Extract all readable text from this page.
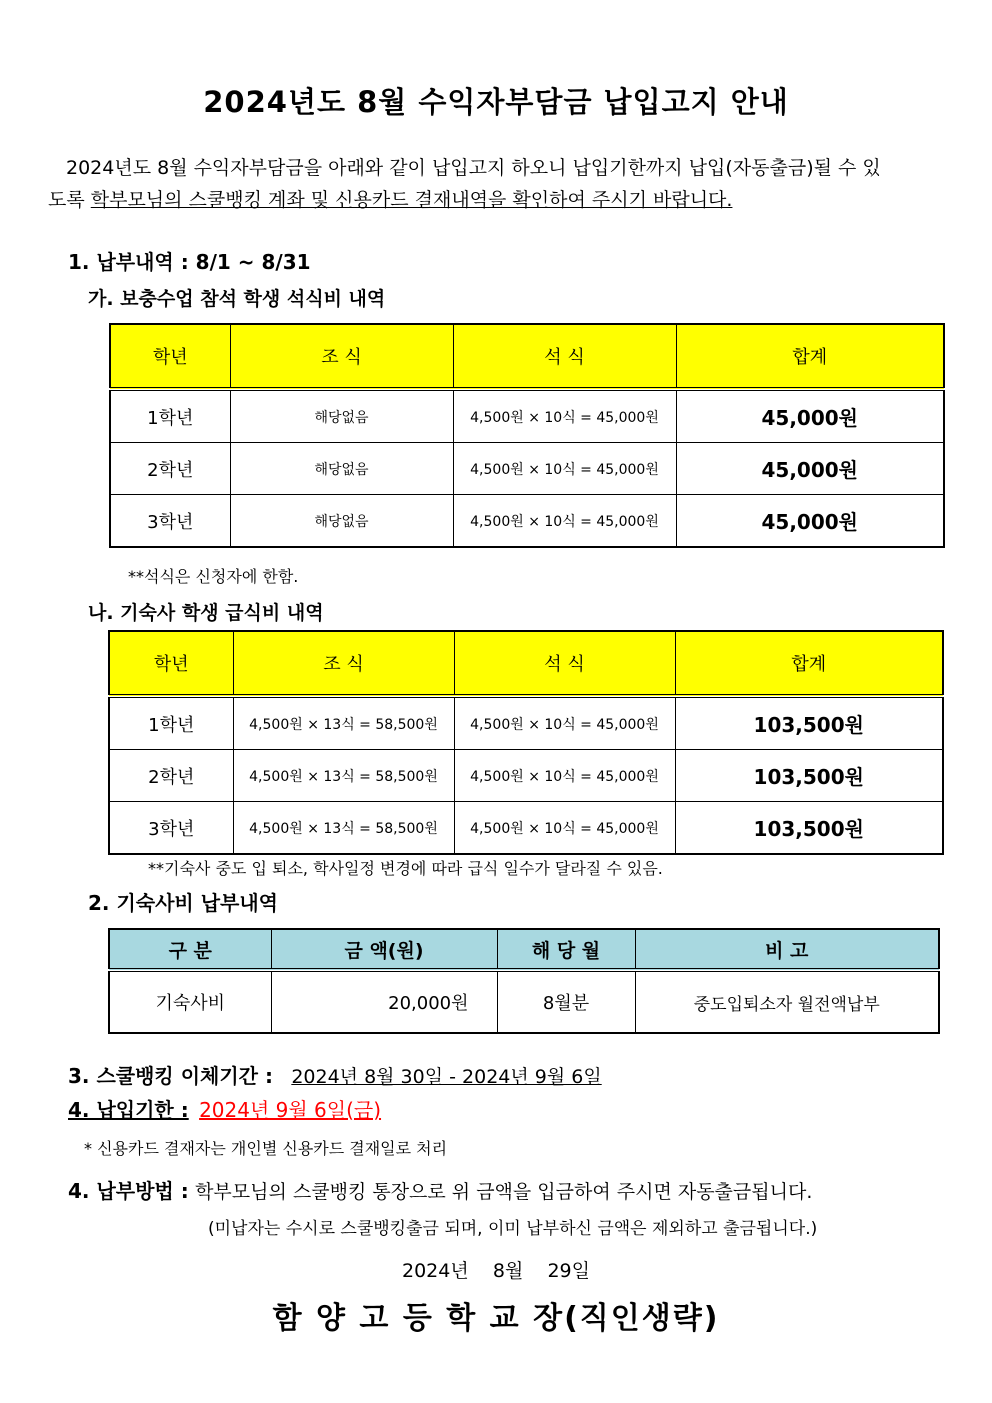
2024년도 8월 수익자부담금 납입고지 안내
2024년도 8월 수익자부담금을 아래와 같이 납입고지 하오니 납입기한까지 납입(자동출금)될 수 있
도록 학부모님의 스쿨뱅킹 계좌 및 신용카드 결재내역을 확인하여 주시기 바랍니다.
1. 납부내역 : 8/1 ~ 8/31
가. 보충수업 참석 학생 석식비 내역
학년	조 식	석 식	합계
1학년	해당없음	4,500원 × 10식 = 45,000원	45,000원
2학년	해당없음	4,500원 × 10식 = 45,000원	45,000원
3학년	해당없음	4,500원 × 10식 = 45,000원	45,000원
**석식은 신청자에 한함.
나. 기숙사 학생 급식비 내역
학년	조 식	석 식	합계
1학년	4,500원 × 13식 = 58,500원	4,500원 × 10식 = 45,000원	103,500원
2학년	4,500원 × 13식 = 58,500원	4,500원 × 10식 = 45,000원	103,500원
3학년	4,500원 × 13식 = 58,500원	4,500원 × 10식 = 45,000원	103,500원
**기숙사 중도 입 퇴소, 학사일정 변경에 따라 급식 일수가 달라질 수 있음.
2. 기숙사비 납부내역
구 분	금 액(원)	해 당 월	비 고
기숙사비	20,000원	8월분	중도입퇴소자 월전액납부
3. 스쿨뱅킹 이체기간 : 2024년 8월 30일 - 2024년 9월 6일
4. 납입기한 : 2024년 9월 6일(금)
* 신용카드 결재자는 개인별 신용카드 결재일로 처리
4. 납부방법 : 학부모님의 스쿨뱅킹 통장으로 위 금액을 입금하여 주시면 자동출금됩니다.
(미납자는 수시로 스쿨뱅킹출금 되며, 이미 납부하신 금액은 제외하고 출금됩니다.)
2024년    8월    29일
함 양 고 등 학 교 장(직인생략)
